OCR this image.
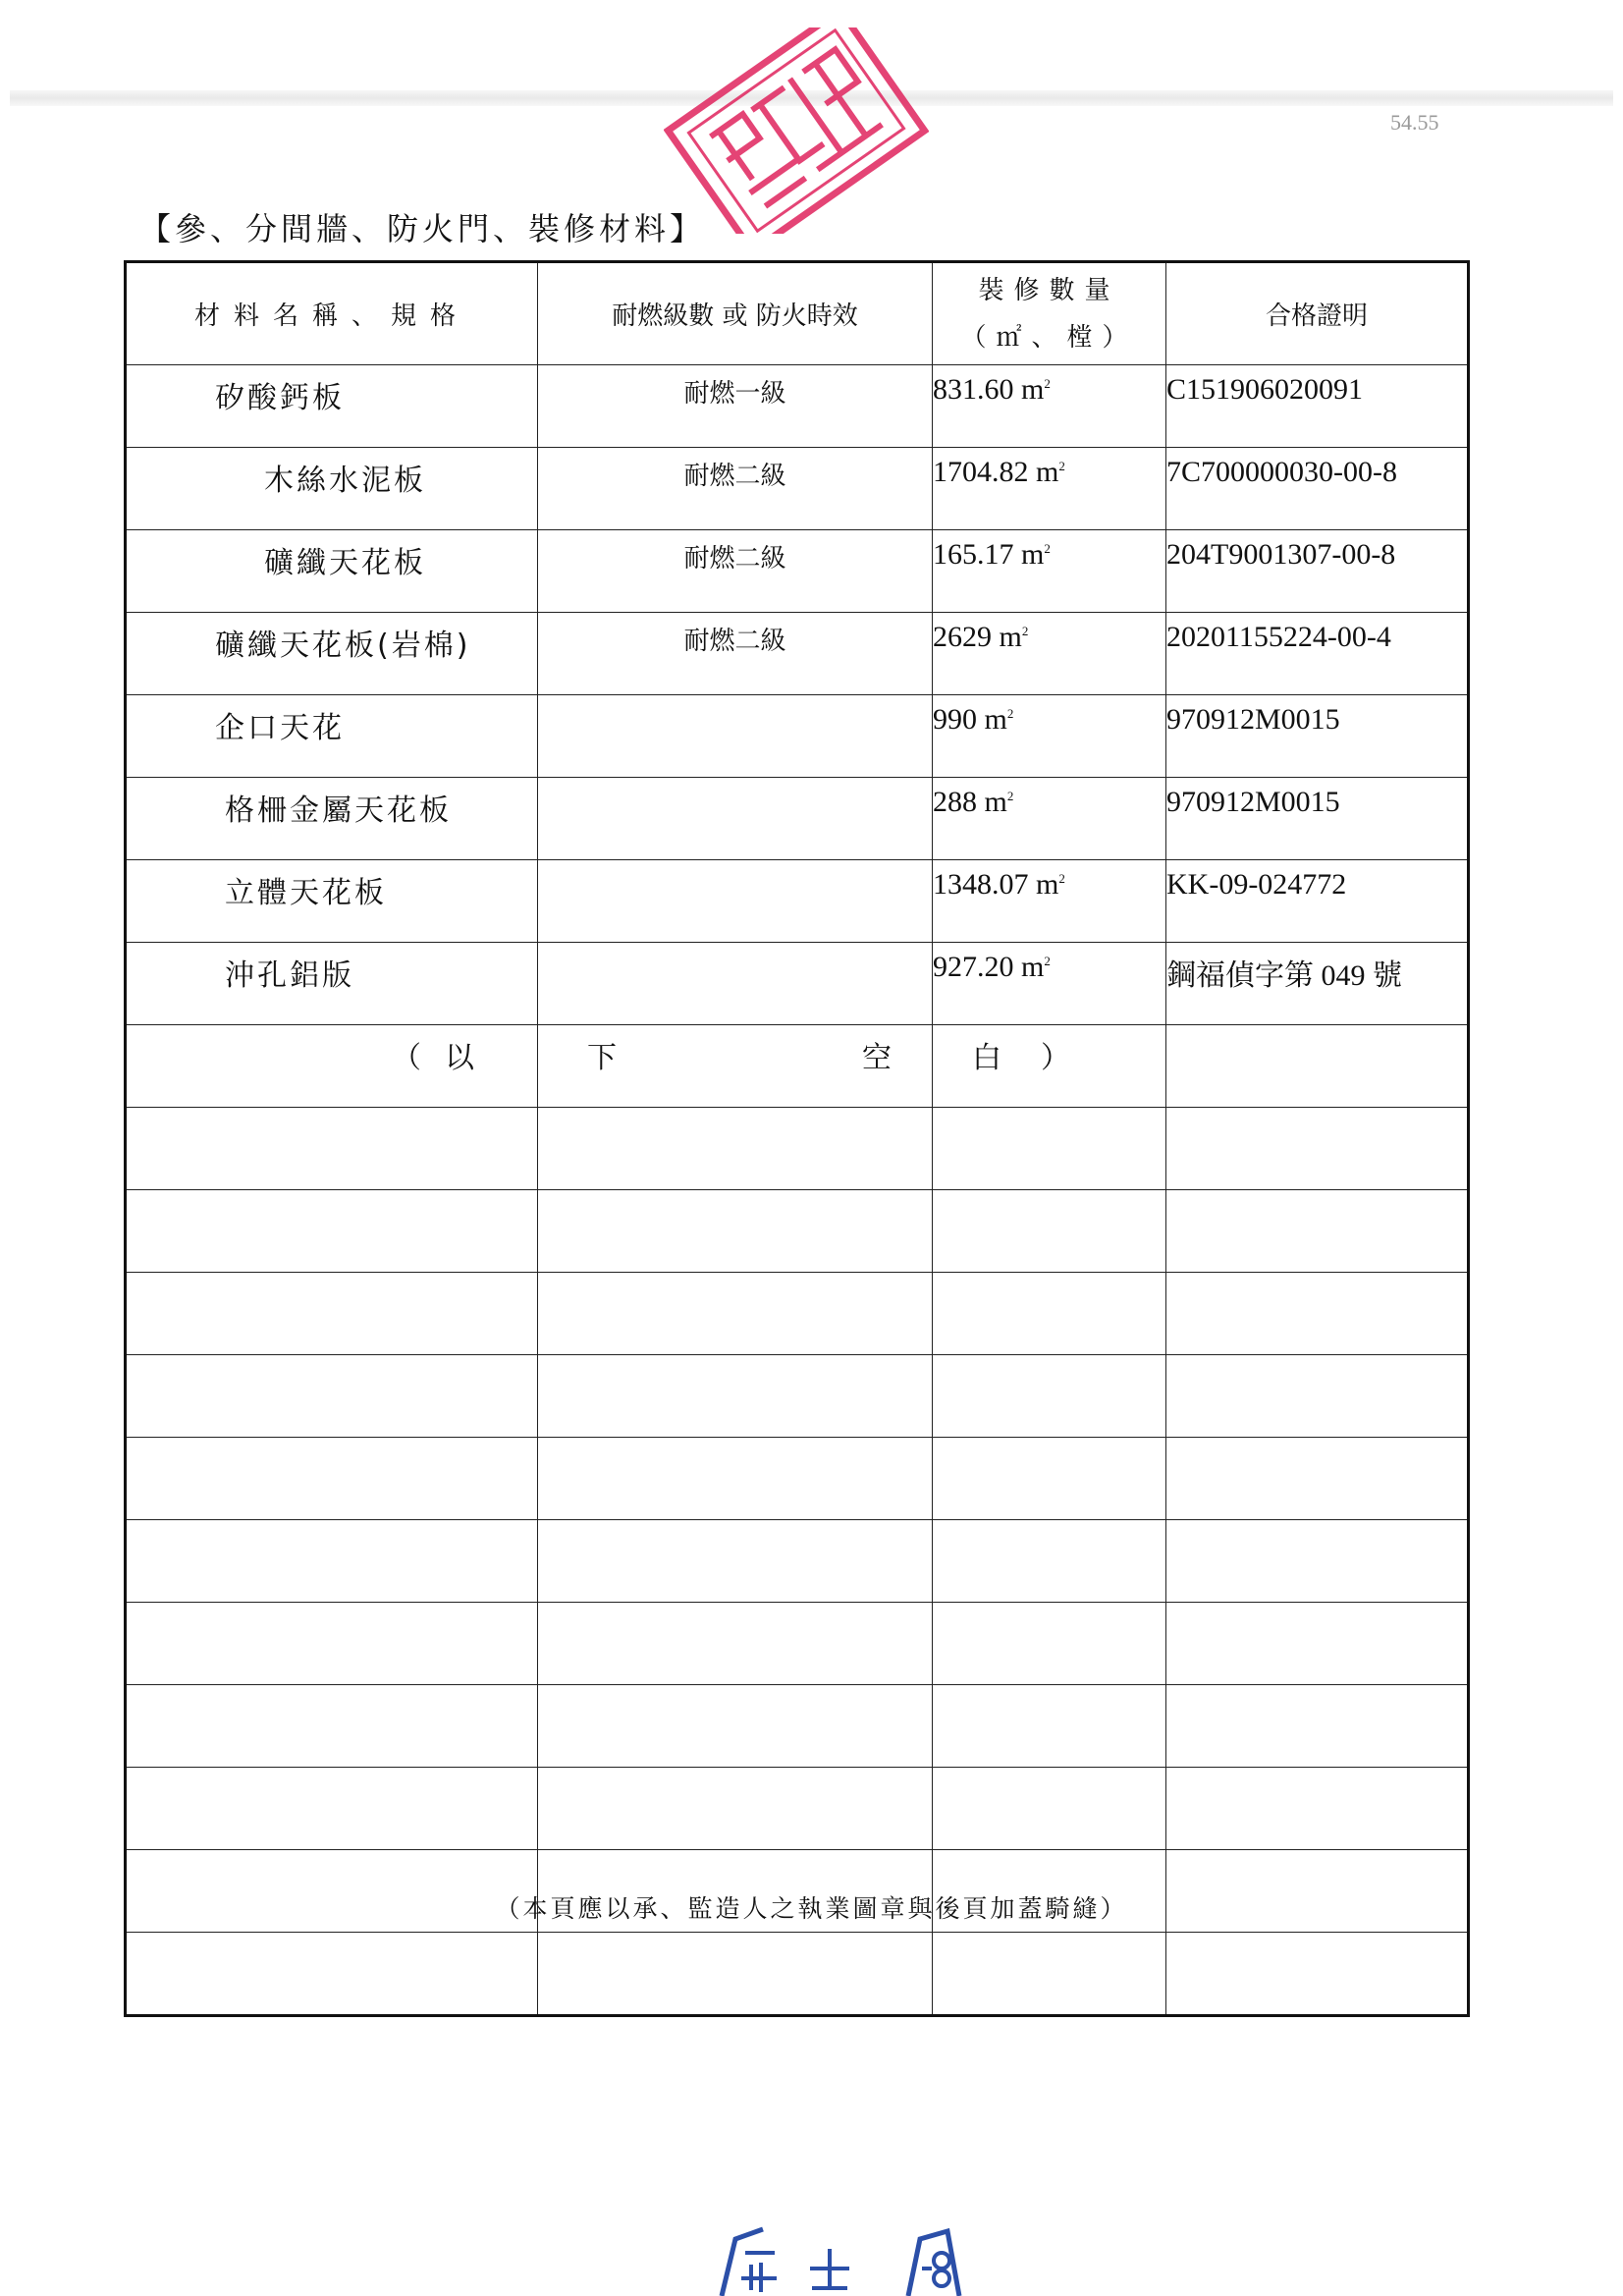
54.55
【參、分間牆、防火門、裝修材料】
材料名稱、規格	耐燃級數 或 防火時效	裝修數量
（㎡、樘）	合格證明
矽酸鈣板	耐燃一級	831.60 $m^2$	C151906020091
木絲水泥板	耐燃二級	1704.82 $m^2$	7C700000030-00-8
礦纖天花板	耐燃二級	165.17 $m^2$	204T9001307-00-8
礦纖天花板(岩棉)	耐燃二級	2629 $m^2$	20201155224-00-4
企口天花		990 $m^2$	970912M0015
格柵金屬天花板		288 $m^2$	970912M0015
立體天花板		1348.07 $m^2$	KK-09-024772
沖孔鋁版		927.20 $m^2$	鋼福偵字第 049 號
（ 以	下 空	白 ）	

（本頁應以承、監造人之執業圖章與後頁加蓋騎縫）
